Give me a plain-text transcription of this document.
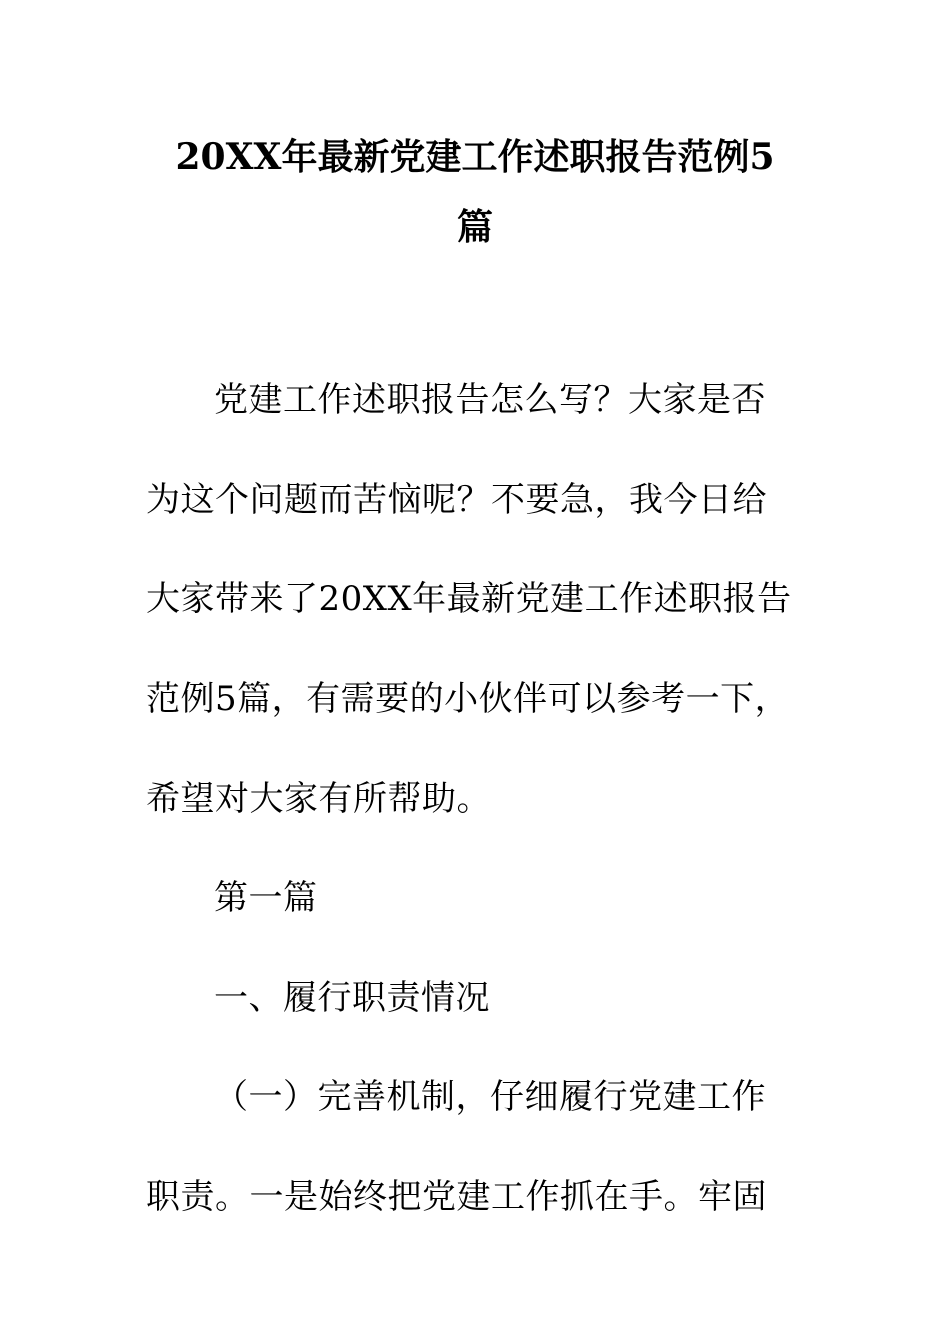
20XX年最新党建工作述职报告范例5
篇
党建工作述职报告怎么写？大家是否
为这个问题而苦恼呢？不要急，我今日给
大家带来了20XX年最新党建工作述职报告
范例5篇，有需要的小伙伴可以参考一下，
希望对大家有所帮助。
第一篇
一、履行职责情况
（一）完善机制，仔细履行党建工作
职责。一是始终把党建工作抓在手。牢固
